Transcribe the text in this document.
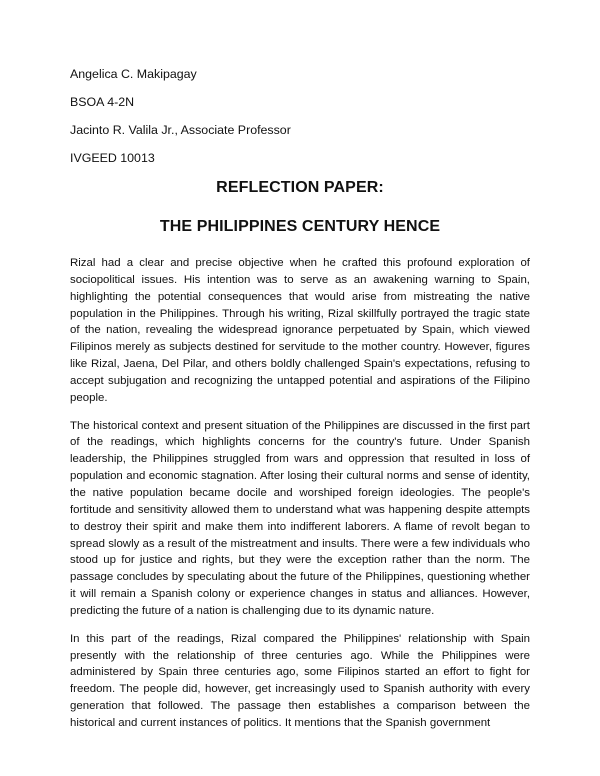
Angelica C. Makipagay
BSOA 4-2N
Jacinto R. Valila Jr., Associate Professor
IVGEED 10013
REFLECTION PAPER:
THE PHILIPPINES CENTURY HENCE

Rizal had a clear and precise objective when he crafted this profound exploration of sociopolitical issues. His intention was to serve as an awakening warning to Spain, highlighting the potential consequences that would arise from mistreating the native population in the Philippines. Through his writing, Rizal skillfully portrayed the tragic state of the nation, revealing the widespread ignorance perpetuated by Spain, which viewed Filipinos merely as subjects destined for servitude to the mother country. However, figures like Rizal, Jaena, Del Pilar, and others boldly challenged Spain's expectations, refusing to accept subjugation and recognizing the untapped potential and aspirations of the Filipino people.

The historical context and present situation of the Philippines are discussed in the first part of the readings, which highlights concerns for the country's future. Under Spanish leadership, the Philippines struggled from wars and oppression that resulted in loss of population and economic stagnation. After losing their cultural norms and sense of identity, the native population became docile and worshiped foreign ideologies. The people's fortitude and sensitivity allowed them to understand what was happening despite attempts to destroy their spirit and make them into indifferent laborers. A flame of revolt began to spread slowly as a result of the mistreatment and insults. There were a few individuals who stood up for justice and rights, but they were the exception rather than the norm. The passage concludes by speculating about the future of the Philippines, questioning whether it will remain a Spanish colony or experience changes in status and alliances. However, predicting the future of a nation is challenging due to its dynamic nature.

In this part of the readings, Rizal compared the Philippines' relationship with Spain presently with the relationship of three centuries ago. While the Philippines were administered by Spain three centuries ago, some Filipinos started an effort to fight for freedom. The people did, however, get increasingly used to Spanish authority with every generation that followed. The passage then establishes a comparison between the historical and current instances of politics. It mentions that the Spanish government
